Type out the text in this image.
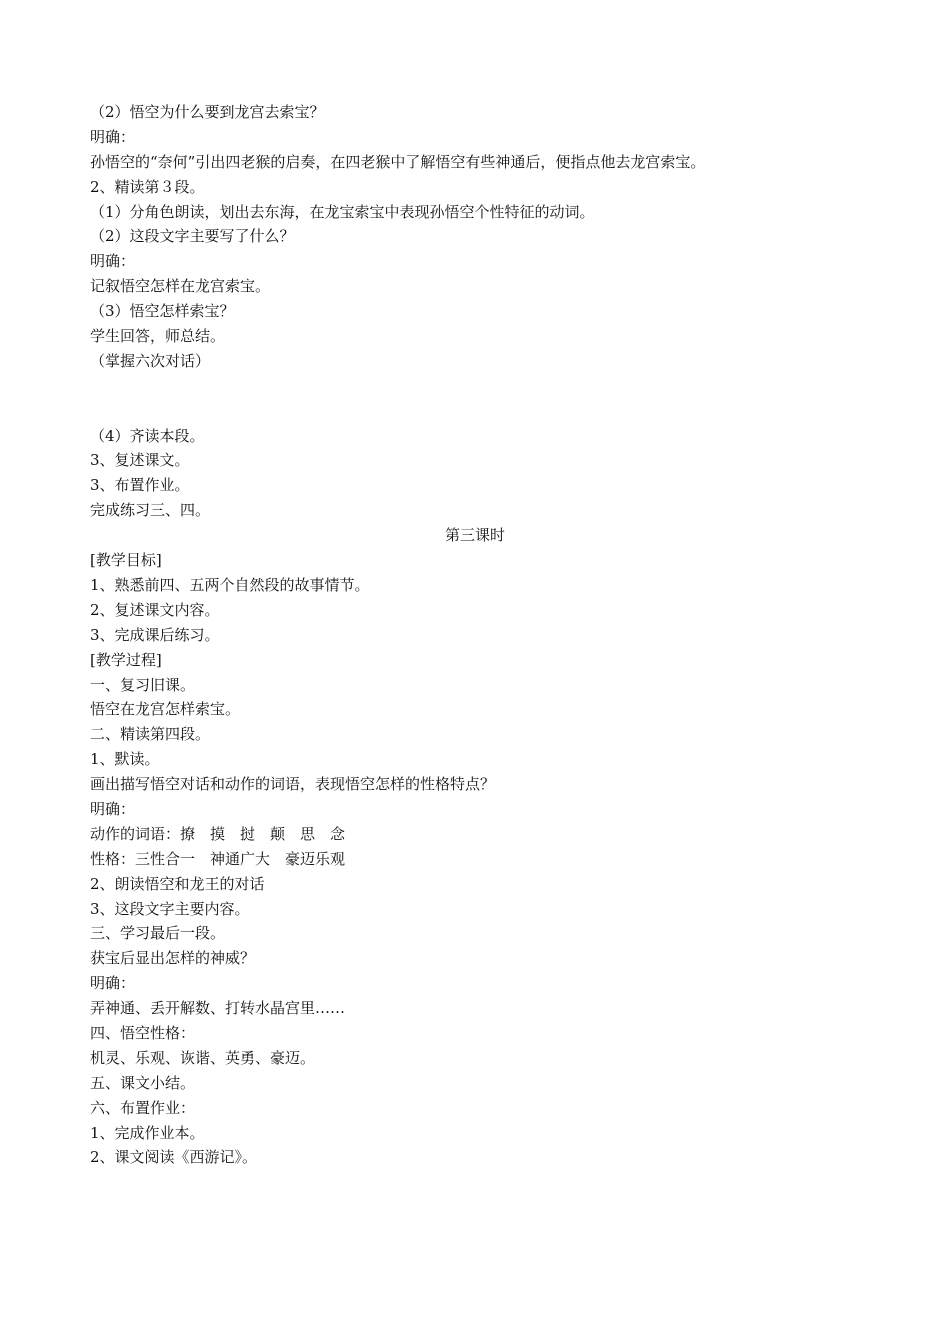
（2）悟空为什么要到龙宫去索宝？

明确：

孙悟空的“奈何”引出四老猴的启奏，在四老猴中了解悟空有些神通后，便指点他去龙宫索宝。

2、精读第３段。

（1）分角色朗读，划出去东海，在龙宝索宝中表现孙悟空个性特征的动词。

（2）这段文字主要写了什么？

明确：

记叙悟空怎样在龙宫索宝。

（3）悟空怎样索宝？

学生回答，师总结。

（掌握六次对话）

（4）齐读本段。

3、复述课文。

3、布置作业。

完成练习三、四。

第三课时

[教学目标]

1、熟悉前四、五两个自然段的故事情节。

2、复述课文内容。

3、完成课后练习。

[教学过程]

一、复习旧课。

悟空在龙宫怎样索宝。

二、精读第四段。

1、默读。

画出描写悟空对话和动作的词语，表现悟空怎样的性格特点？

明确：

动作的词语：撩　摸　挝　颠　思　念

性格：三性合一　神通广大　豪迈乐观

2、朗读悟空和龙王的对话

3、这段文字主要内容。

三、学习最后一段。

获宝后显出怎样的神威？

明确：

弄神通、丢开解数、打转水晶宫里……

四、悟空性格：

机灵、乐观、诙谐、英勇、豪迈。

五、课文小结。

六、布置作业：

1、完成作业本。

2、课文阅读《西游记》。
